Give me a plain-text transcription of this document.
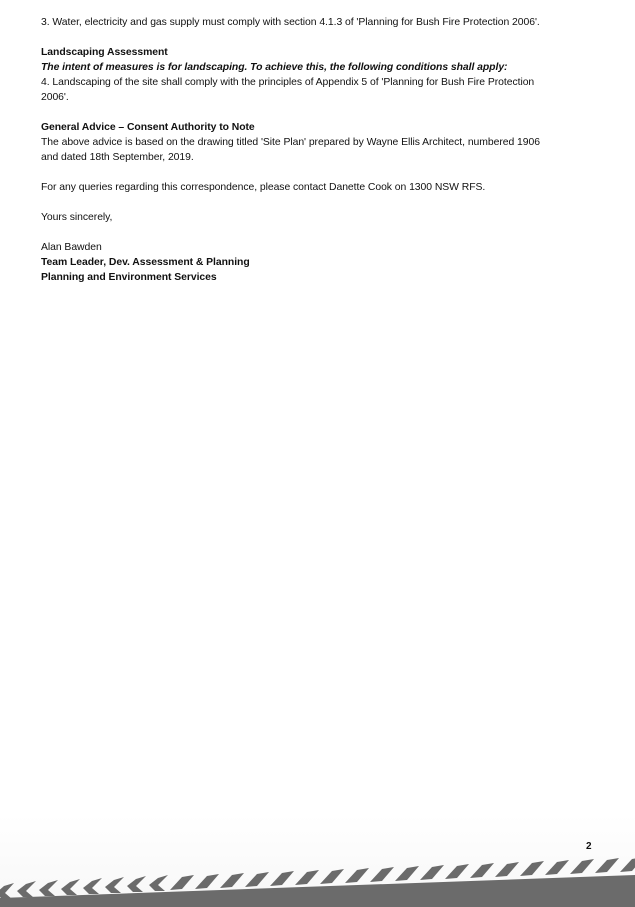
3. Water, electricity and gas supply must comply with section 4.1.3 of 'Planning for Bush Fire Protection 2006'.

Landscaping Assessment

The intent of measures is for landscaping. To achieve this, the following conditions shall apply:

4. Landscaping of the site shall comply with the principles of Appendix 5 of 'Planning for Bush Fire Protection

2006'.

General Advice – Consent Authority to Note

The above advice is based on the drawing titled 'Site Plan' prepared by Wayne Ellis Architect, numbered 1906

and dated 18th September, 2019.

For any queries regarding this correspondence, please contact Danette Cook on 1300 NSW RFS.

Yours sincerely,

Alan Bawden

Team Leader, Dev. Assessment & Planning

Planning and Environment Services

2
